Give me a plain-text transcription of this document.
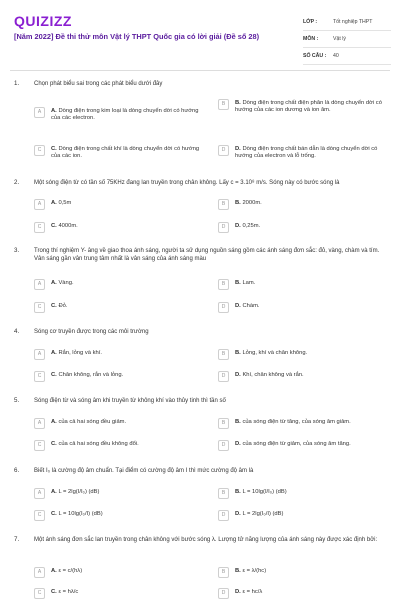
QUIZIZZ
[Năm 2022] Đề thi thử môn Vật lý THPT Quốc gia có lời giải (Đề số 28)
LỚP :	Tốt nghiệp THPT
MÔN :	Vật lý
SỐ CÂU :	40
1. Chọn phát biểu sai trong các phát biểu dưới đây
A	A. Dòng điện trong kim loại là dòng chuyển dời có hướng của các electron.
B	B. Dòng điện trong chất điện phân là dòng chuyển dời có hướng của các ion dương và ion âm.
C	C. Dòng điện trong chất khí là dòng chuyển dời có hướng của các ion.
D	D. Dòng điện trong chất bán dẫn là dòng chuyển dời có hướng của electron và lỗ trống.
2. Một sóng điện từ có tần số 75KHz đang lan truyền trong chân không. Lấy c = 3.10⁸ m/s. Sóng này có bước sóng là
A	A. 0,5m	B	B. 2000m.
C	C. 4000m.	D	D. 0,25m.
3. Trong thí nghiệm Y- âng về giao thoa ánh sáng, người ta sử dụng nguồn sáng gồm các ánh sáng đơn sắc: đỏ, vàng, chàm và tím. Vân sáng gần vân trung tâm nhất là vân sáng của ánh sáng màu
A	A. Vàng.	B	B. Lam.
C	C. Đỏ.	D	D. Chàm.
4. Sóng cơ truyền được trong các môi trường
A	A. Rắn, lỏng và khí.	B	B. Lỏng, khí và chân không.
C	C. Chân không, rắn và lỏng.	D	D. Khí, chân không và rắn.
5. Sóng điện từ và sóng âm khi truyền từ không khí vào thủy tinh thì tần số
A	A. của cả hai sóng đều giảm.	B	B. của sóng điện từ tăng, của sóng âm giảm.
C	C. của cả hai sóng đều không đổi.	D	D. của sóng điện từ giảm, của sóng âm tăng.
6. Biết I₀ là cường độ âm chuẩn. Tại điểm có cường độ âm I thì mức cường độ âm là
A	A. L = 2lg(I/I₀) (dB)	B	B. L = 10lg(I/I₀) (dB)
C	C. L = 10lg(I₀/I) (dB)	D	D. L = 2lg(I₀/I) (dB)
7. Một ánh sáng đơn sắc lan truyền trong chân không với bước sóng λ. Lượng tử năng lượng của ánh sáng này được xác định bởi:
A	A. ε = c/(hλ)	B	B. ε = λ/(hc)
C	C. ε = hλ/c	D	D. ε = hc/λ
